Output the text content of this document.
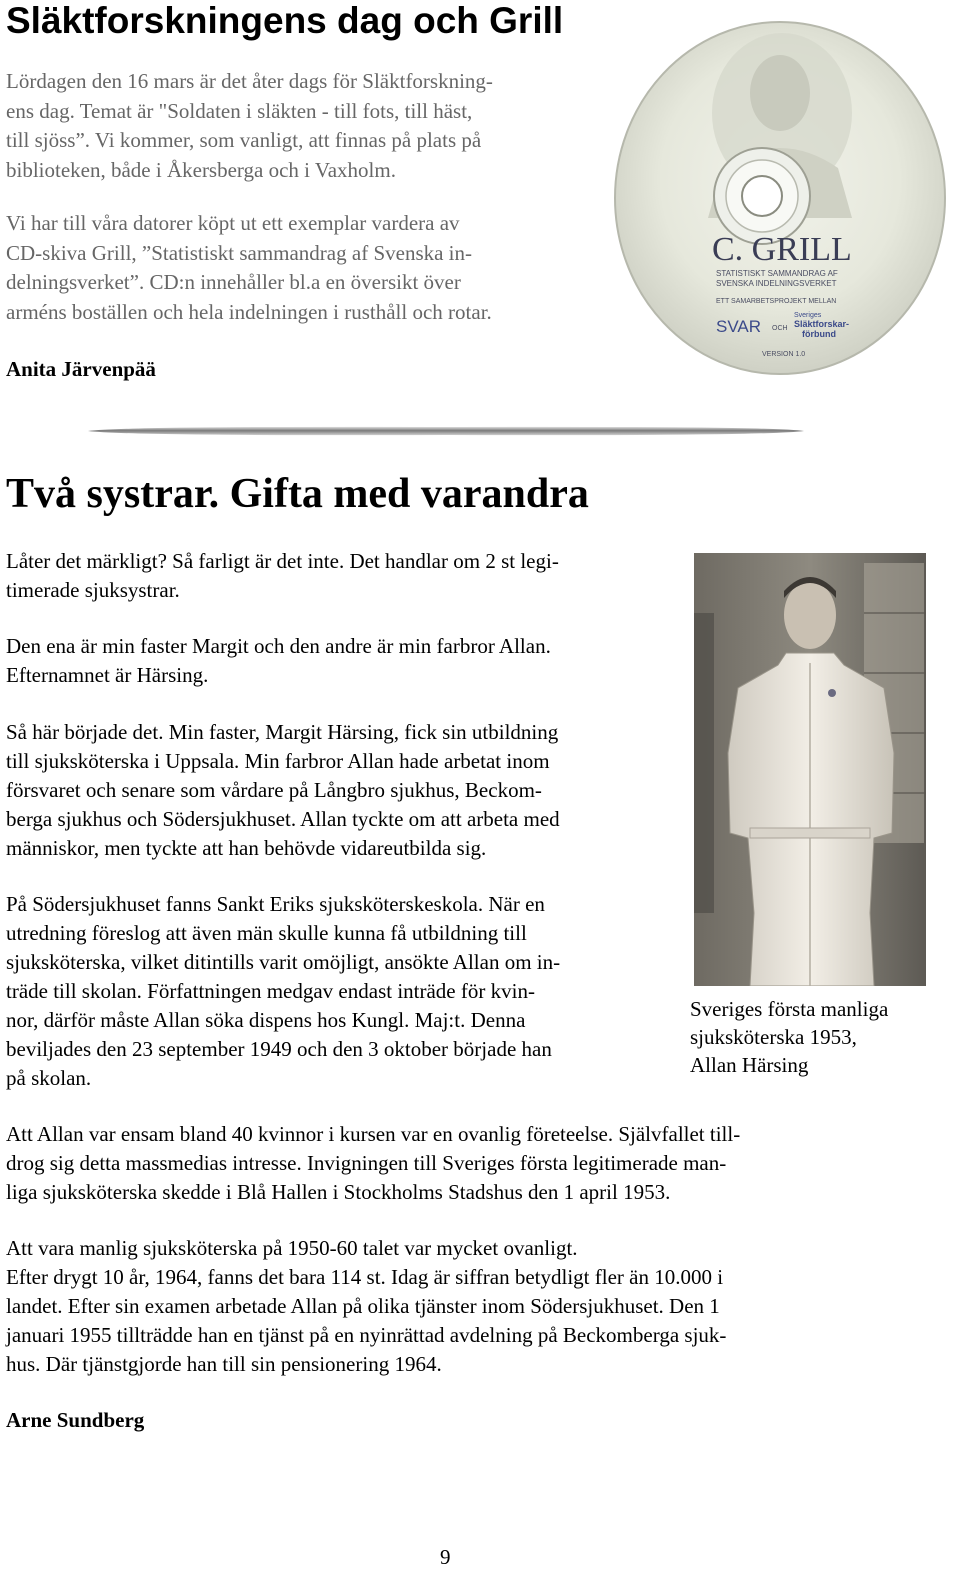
Släktforskningens dag och Grill
Lördagen den 16 mars är det åter dags för Släktforskning-
ens dag. Temat är "Soldaten i släkten - till fots, till häst,
till sjöss”. Vi kommer, som vanligt, att finnas på plats på
biblioteken, både i Åkersberga och i Vaxholm.
Vi har till våra datorer köpt ut ett exemplar vardera av
CD-skiva Grill, ”Statistiskt sammandrag af Svenska in-
delningsverket”. CD:n innehåller bl.a en översikt över
arméns boställen och hela indelningen i rusthåll och rotar.
Anita Järvenpää
C. GRILL
STATISTISKT SAMMANDRAG AF
SVENSKA INDELNINGSVERKET
ETT SAMARBETSPROJEKT MELLAN
SVAR OCH
Sveriges
Släktforskar-
förbund
VERSION 1.0
Två systrar. Gifta med varandra
Låter det märkligt? Så farligt är det inte. Det handlar om 2 st legi-
timerade sjuksystrar.
Den ena är min faster Margit och den andre är min farbror Allan.
Efternamnet är Härsing.
Så här började det. Min faster, Margit Härsing, fick sin utbildning
till sjuksköterska i Uppsala. Min farbror Allan hade arbetat inom
försvaret och senare som vårdare på Långbro sjukhus, Beckom-
berga sjukhus och Södersjukhuset. Allan tyckte om att arbeta med
människor, men tyckte att han behövde vidareutbilda sig.
På Södersjukhuset fanns Sankt Eriks sjuksköterskeskola. När en
utredning föreslog att även män skulle kunna få utbildning till
sjuksköterska, vilket ditintills varit omöjligt, ansökte Allan om in-
träde till skolan. Författningen medgav endast inträde för kvin-
nor, därför måste Allan söka dispens hos Kungl. Maj:t. Denna
beviljades den 23 september 1949 och den 3 oktober började han
på skolan.
Sveriges första manliga
sjuksköterska 1953,
Allan Härsing
Att Allan var ensam bland 40 kvinnor i kursen var en ovanlig företeelse. Självfallet till-
drog sig detta massmedias intresse. Invigningen till Sveriges första legitimerade man-
liga sjuksköterska skedde i Blå Hallen i Stockholms Stadshus den 1 april 1953.
Att vara manlig sjuksköterska på 1950-60 talet var mycket ovanligt.
Efter drygt 10 år, 1964, fanns det bara 114 st. Idag är siffran betydligt fler än 10.000 i
landet. Efter sin examen arbetade Allan på olika tjänster inom Södersjukhuset. Den 1
januari 1955 tillträdde han en tjänst på en nyinrättad avdelning på Beckomberga sjuk-
hus. Där tjänstgjorde han till sin pensionering 1964.
Arne Sundberg
9
